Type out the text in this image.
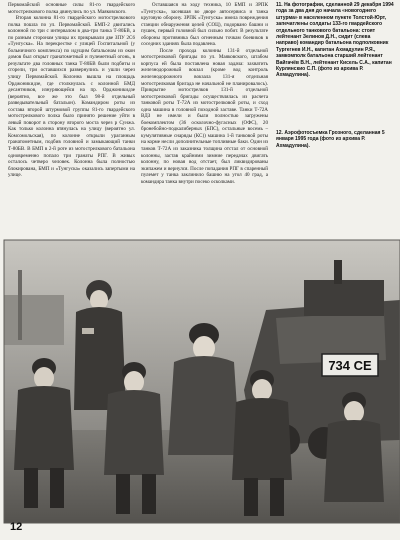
Первомайский основные силы 81-го гвардейского мотострелкового полка двинулись по ул. Маяковского.
Вторая колонна 81-го гвардейского мотострелкового полка пошла по ул. Первомайской. БМП-2 двигались колонной по три с интервалом в два-три танка Т-80БВ, а по разным сторонам улицы их прикрывали две ЗПУ 2С6 «Тунгуска». На перекрестке с улицей Госпитальной (у больничного комплекса) по идущим батальонам из окон домов был открыт гранатометный и пулеметный огонь, в результате два головных танка Т-80БВ были подбиты и сгорели, три оставшихся развернулись и ушли через улицу Первомайской. Колонна вышла на площадь Орджоникидзе, где столкнулась с колонной БМД десантников, изнуряющейся на пр. Орджоникидзе (вероятно, все же это был 98-й отдельный разведывательный батальон). Командиром роты из состава второй штурмовой группы 81-го гвардейского мотострелкового полка было принято решение уйти в левый поворот в сторону второго моста через р Сунжа. Как только колонна втянулась на улицу (вероятно ул. Комсомольская), по колонне открыли ураганным гранатометным, подбив головной и замыкающий танки Т-80БВ. В БМП в 2-й роте из мотострелкового батальона одновременно попало три гранаты РПГ. В живых осталось четверо человек. Колонна была полностью блокирована, БМП и «Тунгуска» оказались запертыми на улице.
Оставшаяся на ходу техника, 10 БМП и ЗРПК «Тунгуска», засевшая во дворе автосервиса и танка круговую оборону. ЗРПК «Тунгуска» имела повреждения станции обнаружения целей (СОЦ), подорвано башни и пушек, первый головной был сильно побит. В результате обороны противника был огненным точкам боевиков в соседних зданиях была подавлена.
После прохода колонны 131-й отдельной мотострелковой бригады по ул. Маяковского, штабом корпуса ей была поставлена новая задача: захватить железнодорожный вокзал (кроме вод контроль железнодорожного вокзала 131-я отдельная мотострелковая бригада не начальной не планировалось). Прикрытие мотострелков 131-й отдельной мотострелковой бригады осуществлялась из расчета танковой роты Т-72А из мотострелковой роты, и сход одна машина в головной походной заставе. Танки Т-72А ВДЗ не имели и были полностью загружены боекомплектом (36 осколочно-фугасных (ОФС), 20 бронебойно-подкалиберных (БПС), остальные восемь – кумулятивные снаряды (КС)) машина 1-й танковой роты на корме несли дополнительные топливные баки. Один из танков Т-72А из заказника толщина отстал от основной колонны, застав крайними зимние передачах двигать колонну, по новая вод отстает, был ликвидированы экипажем и вернулся. После попадания РПГ в спаренный пулемет у танка заклинило башню на угол 40 град, а командира танка внутри посеко осколками.
11. На фотографии, сделанной 29 декабря 1994 года за два дня до начала «новогоднего штурма» в населенном пункте Толстой-Юрт, запечатлены солдаты 133-го гвардейского отдельного танкового батальона: стоят лейтенант Зелинов Д.Н., сидит (слева направо) командир батальона подполковник Тургегнев И.Н., капитан Ахмадулин Р.Я., замкомполк батальона старший лейтенант Вайгачёв В.Н., лейтенант Кисель С.А., капитан Курлянскио С.П. (фото из архива Р. Ахмадулина).
12. Аэрофотосъемка Грозного, сделанная 5 января 1995 года (фото из архива Р. Ахмадулина).
734 СЕ
12
